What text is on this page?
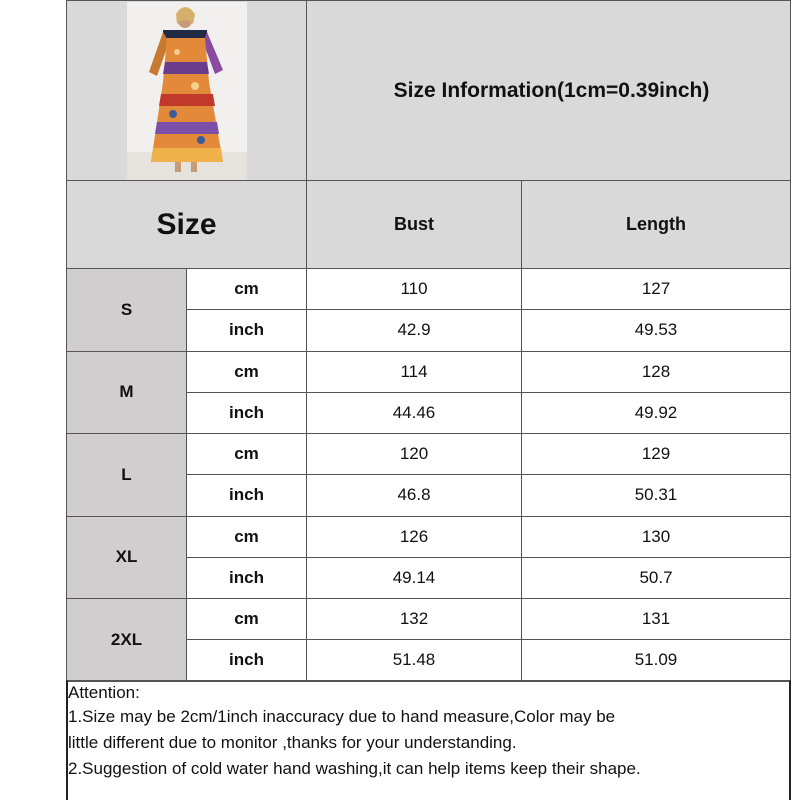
Size Information(1cm=0.39inch)
Size	Bust	Length
S
cm	110	127
inch	42.9	49.53
M
cm	114	128
inch	44.46	49.92
L
cm	120	129
inch	46.8	50.31
XL
cm	126	130
inch	49.14	50.7
2XL
cm	132	131
inch	51.48	51.09
Attention:
1.Size may be 2cm/1inch inaccuracy due to hand measure,Color may be
little different due to monitor ,thanks for your understanding.
2.Suggestion of cold water hand washing,it can help items keep their shape.
